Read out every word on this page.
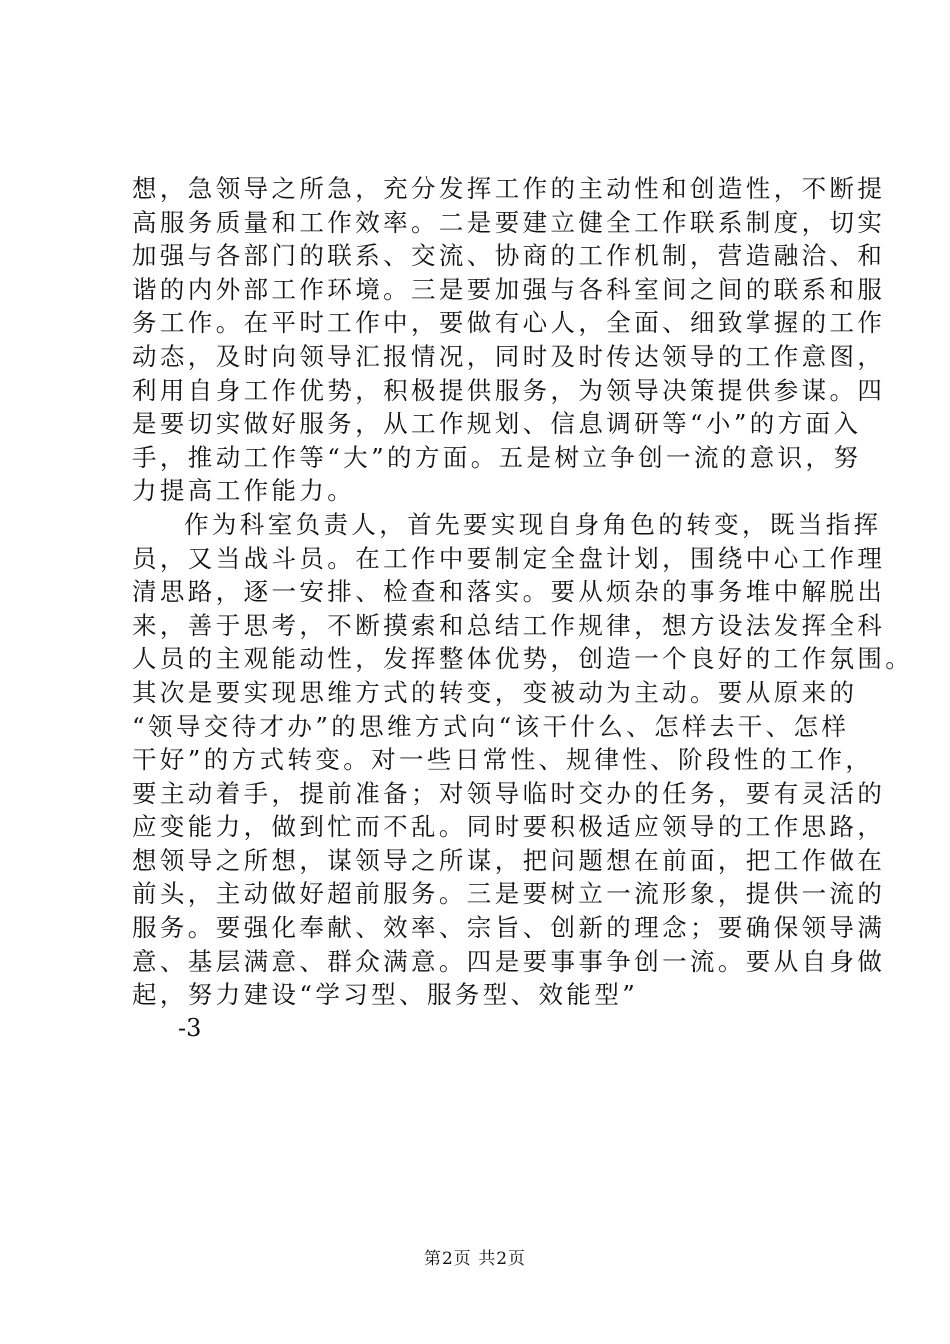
想，急领导之所急，充分发挥工作的主动性和创造性，不断提
高服务质量和工作效率。二是要建立健全工作联系制度，切实
加强与各部门的联系、交流、协商的工作机制，营造融洽、和
谐的内外部工作环境。三是要加强与各科室间之间的联系和服
务工作。在平时工作中，要做有心人，全面、细致掌握的工作
动态，及时向领导汇报情况，同时及时传达领导的工作意图，
利用自身工作优势，积极提供服务，为领导决策提供参谋。四
是要切实做好服务，从工作规划、信息调研等“小”的方面入
手，推动工作等“大”的方面。五是树立争创一流的意识，努
力提高工作能力。
作为科室负责人，首先要实现自身角色的转变，既当指挥
员，又当战斗员。在工作中要制定全盘计划，围绕中心工作理
清思路，逐一安排、检查和落实。要从烦杂的事务堆中解脱出
来，善于思考，不断摸索和总结工作规律，想方设法发挥全科
人员的主观能动性，发挥整体优势，创造一个良好的工作氛围。
其次是要实现思维方式的转变，变被动为主动。要从原来的
“领导交待才办”的思维方式向“该干什么、怎样去干、怎样
干好”的方式转变。对一些日常性、规律性、阶段性的工作，
要主动着手，提前准备；对领导临时交办的任务，要有灵活的
应变能力，做到忙而不乱。同时要积极适应领导的工作思路，
想领导之所想，谋领导之所谋，把问题想在前面，把工作做在
前头，主动做好超前服务。三是要树立一流形象，提供一流的
服务。要强化奉献、效率、宗旨、创新的理念；要确保领导满
意、基层满意、群众满意。四是要事事争创一流。要从自身做
起，努力建设“学习型、服务型、效能型”
-3
第2页 共2页
